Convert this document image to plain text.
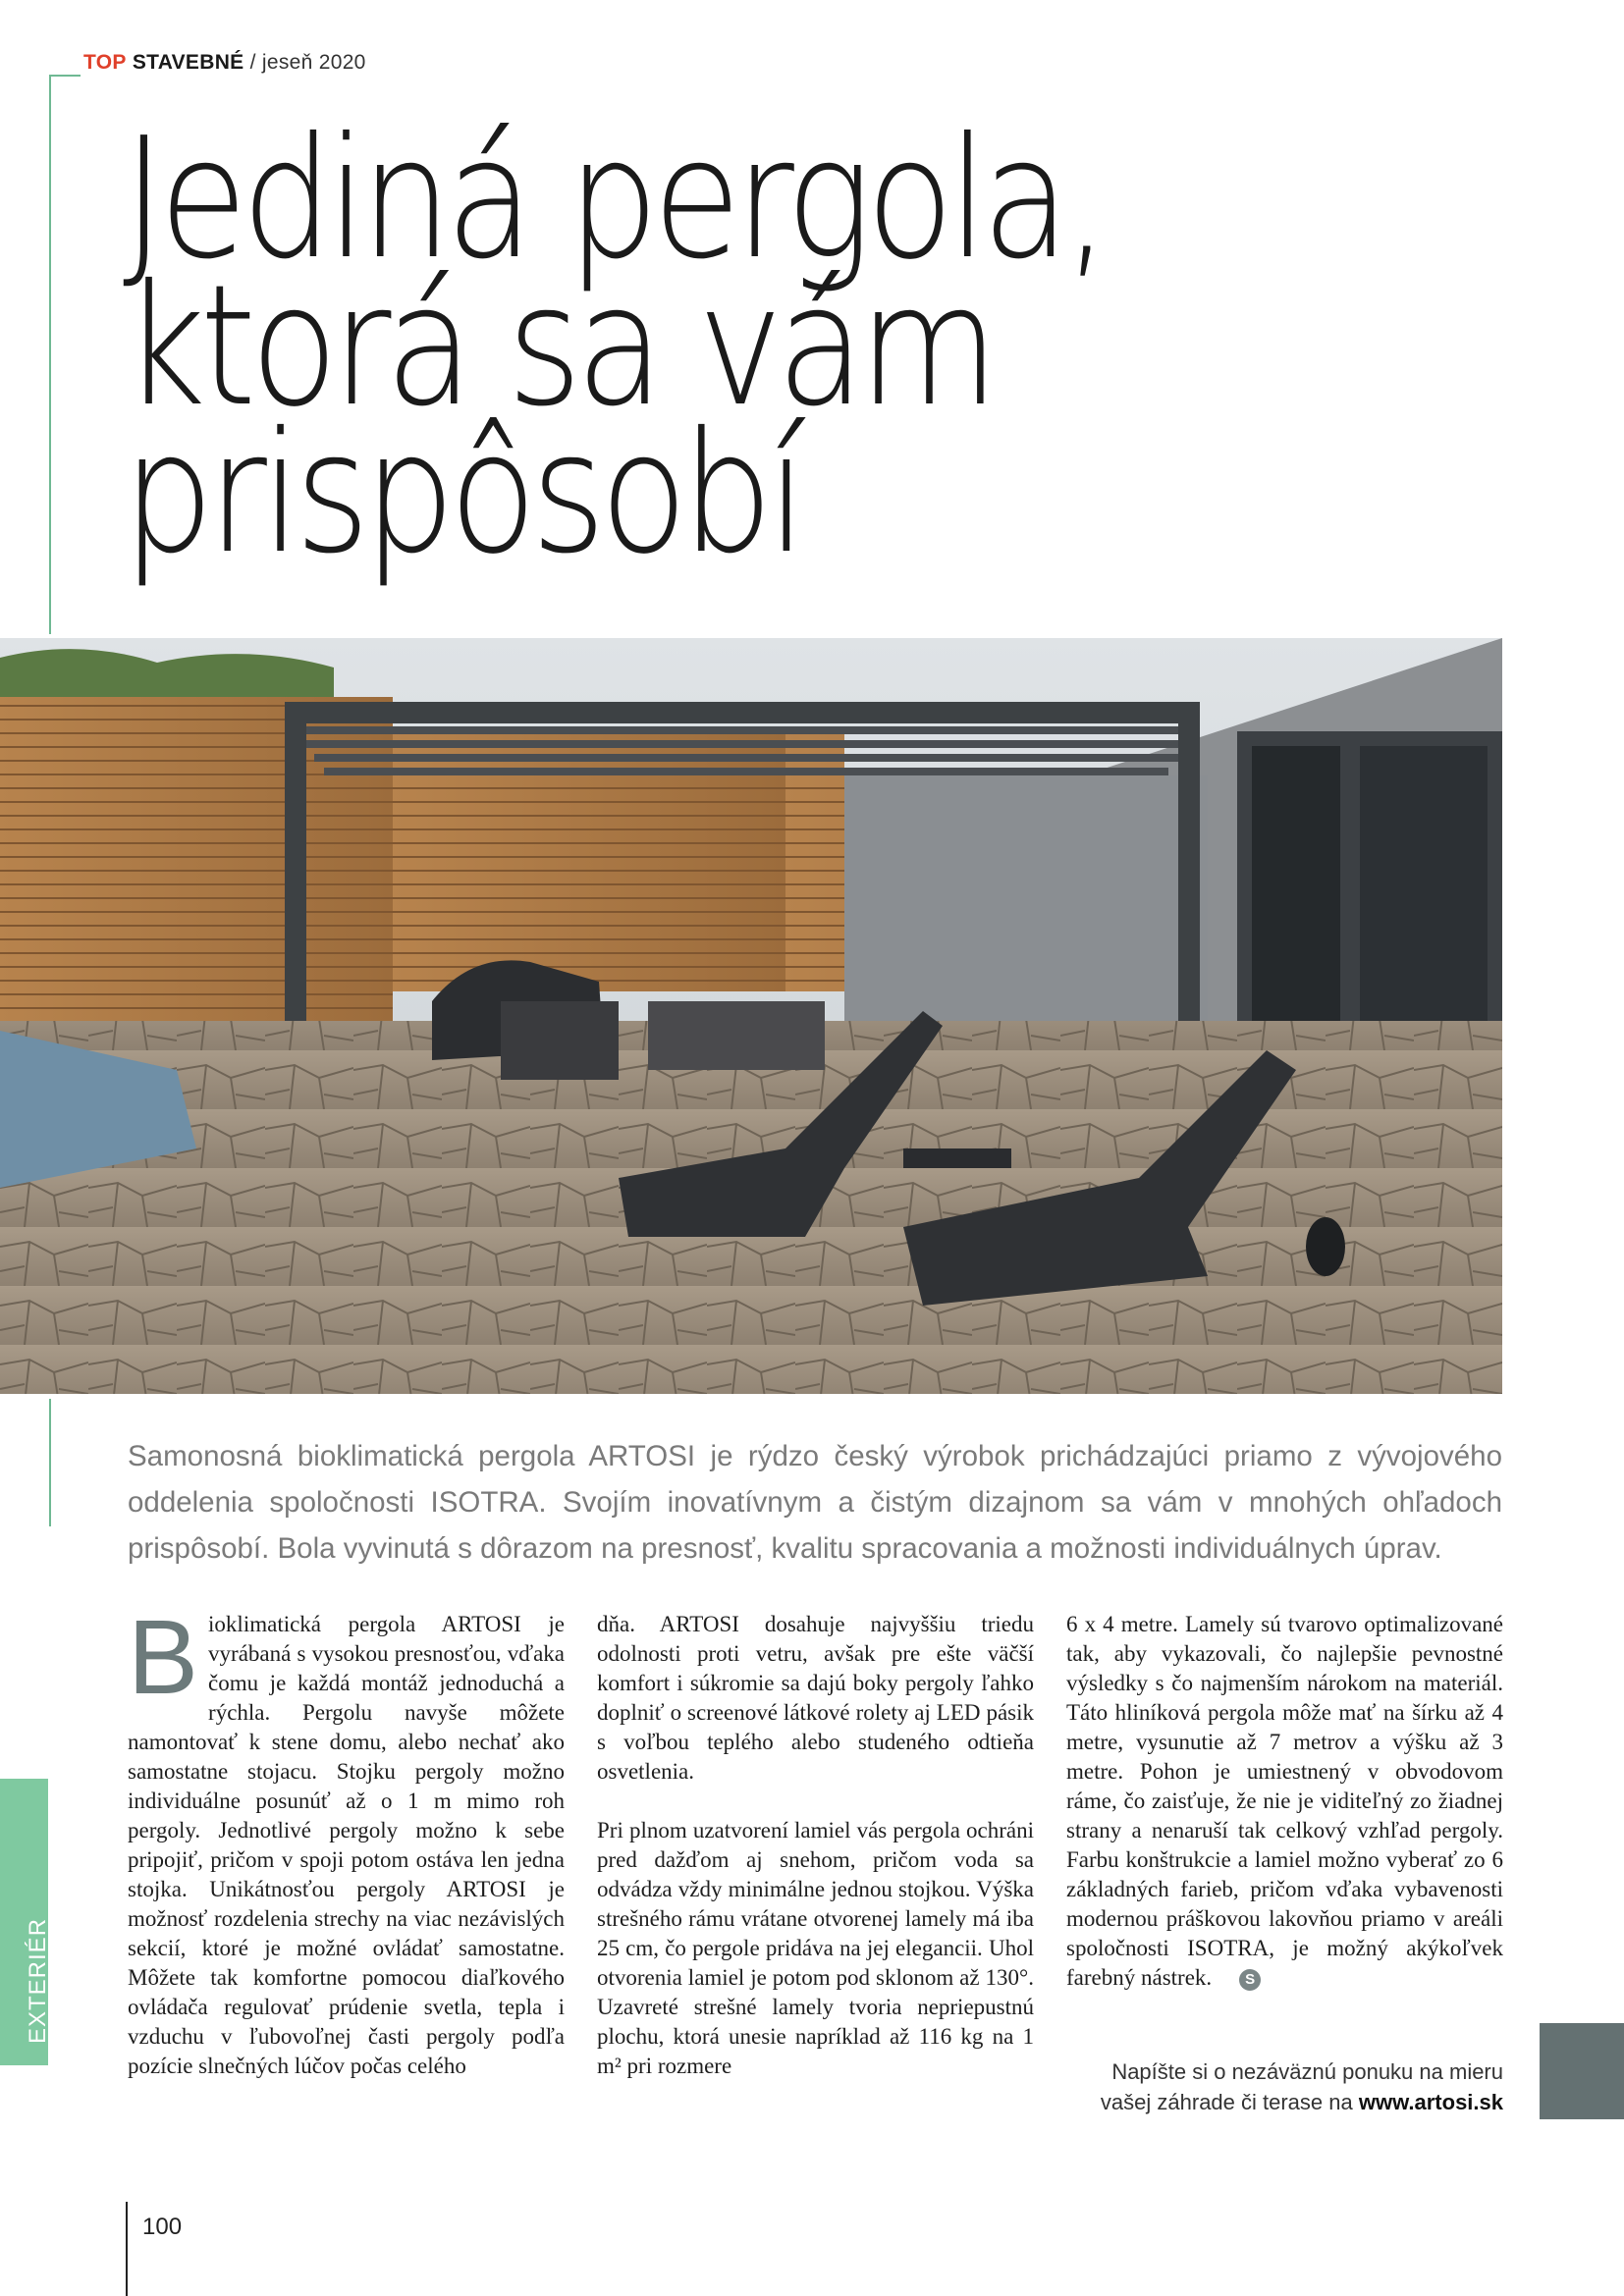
TOP STAVEBNÉ / jeseň 2020
Jediná pergola,
ktorá sa vám
prispôsobí

Samonosná bioklimatická pergola ARTOSI je rýdzo český výrobok prichádzajúci priamo z vývojového oddelenia spoločnosti ISOTRA. Svojím inovatívnym a čistým dizajnom sa vám v mnohých ohľadoch prispôsobí. Bola vyvinutá s dôrazom na presnosť, kvalitu spracovania a možnosti individuálnych úprav.

Bioklimatická pergola ARTOSI je vyrábaná s vysokou presnosťou, vďaka čomu je každá montáž jednoduchá a rýchla. Pergolu navyše môžete namontovať k stene domu, alebo nechať ako samostatne stojacu. Stojku pergoly možno individuálne posunúť až o 1 m mimo roh pergoly. Jednotlivé pergoly možno k sebe pripojiť, pričom v spoji potom ostáva len jedna stojka. Unikátnosťou pergoly ARTOSI je možnosť rozdelenia strechy na viac nezávislých sekcií, ktoré je možné ovládať samostatne. Môžete tak komfortne pomocou diaľkového ovládača regulovať prúdenie svetla, tepla i vzduchu v ľubovoľnej časti pergoly podľa pozície slnečných lúčov počas celého

dňa. ARTOSI dosahuje najvyššiu triedu odolnosti proti vetru, avšak pre ešte väčší komfort i súkromie sa dajú boky pergoly ľahko doplniť o screenové látkové rolety aj LED pásik s voľbou teplého alebo studeného odtieňa osvetlenia.

Pri plnom uzatvorení lamiel vás pergola ochráni pred dažďom aj snehom, pričom voda sa odvádza vždy minimálne jednou stojkou. Výška strešného rámu vrátane otvorenej lamely má iba 25 cm, čo pergole pridáva na jej elegancii. Uhol otvorenia lamiel je potom pod sklonom až 130°. Uzavreté strešné lamely tvoria nepriepustnú plochu, ktorá unesie napríklad až 116 kg na 1 m² pri rozmere

6 x 4 metre. Lamely sú tvarovo optimalizované tak, aby vykazovali, čo najlepšie pevnostné výsledky s čo najmenším nárokom na materiál. Táto hliníková pergola môže mať na šírku až 4 metre, vysunutie až 7 metrov a výšku až 3 metre. Pohon je umiestnený v obvodovom ráme, čo zaisťuje, že nie je viditeľný zo žiadnej strany a nenaruší tak celkový vzhľad pergoly. Farbu konštrukcie a lamiel možno vyberať zo 6 základných farieb, pričom vďaka vybavenosti modernou práškovou lakovňou priamo v areáli spoločnosti ISOTRA, je možný akýkoľvek farebný nástrek. S

Napíšte si o nezáväznú ponuku na mieru
vašej záhrade či terase na www.artosi.sk
EXTERIÉR
100
